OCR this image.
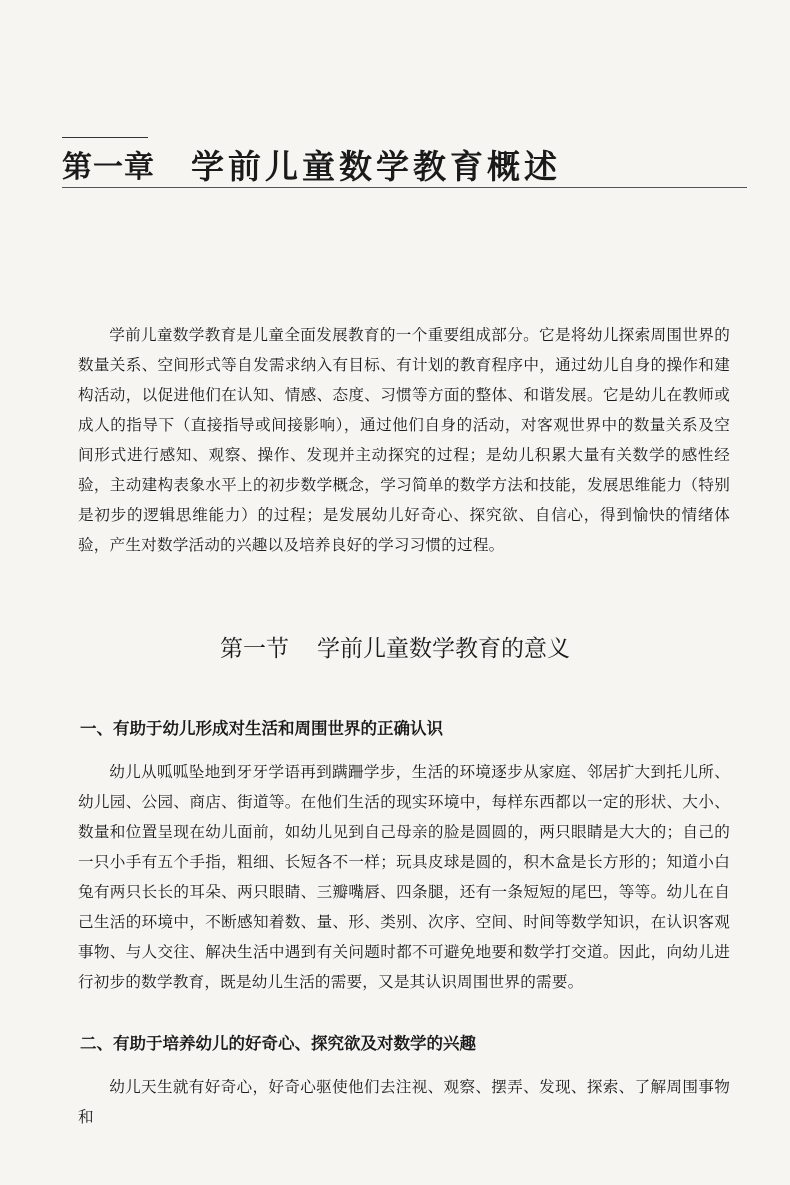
第一章 学前儿童数学教育概述

学前儿童数学教育是儿童全面发展教育的一个重要组成部分。它是将幼儿探索周围世界的数量关系、空间形式等自发需求纳入有目标、有计划的教育程序中，通过幼儿自身的操作和建构活动，以促进他们在认知、情感、态度、习惯等方面的整体、和谐发展。它是幼儿在教师或成人的指导下（直接指导或间接影响），通过他们自身的活动，对客观世界中的数量关系及空间形式进行感知、观察、操作、发现并主动探究的过程；是幼儿积累大量有关数学的感性经验，主动建构表象水平上的初步数学概念，学习简单的数学方法和技能，发展思维能力（特别是初步的逻辑思维能力）的过程；是发展幼儿好奇心、探究欲、自信心，得到愉快的情绪体验，产生对数学活动的兴趣以及培养良好的学习习惯的过程。

第一节 学前儿童数学教育的意义
一、有助于幼儿形成对生活和周围世界的正确认识

幼儿从呱呱坠地到牙牙学语再到蹒跚学步，生活的环境逐步从家庭、邻居扩大到托儿所、幼儿园、公园、商店、街道等。在他们生活的现实环境中，每样东西都以一定的形状、大小、数量和位置呈现在幼儿面前，如幼儿见到自己母亲的脸是圆圆的，两只眼睛是大大的；自己的一只小手有五个手指，粗细、长短各不一样；玩具皮球是圆的，积木盒是长方形的；知道小白兔有两只长长的耳朵、两只眼睛、三瓣嘴唇、四条腿，还有一条短短的尾巴，等等。幼儿在自己生活的环境中，不断感知着数、量、形、类别、次序、空间、时间等数学知识，在认识客观事物、与人交往、解决生活中遇到有关问题时都不可避免地要和数学打交道。因此，向幼儿进行初步的数学教育，既是幼儿生活的需要，又是其认识周围世界的需要。

二、有助于培养幼儿的好奇心、探究欲及对数学的兴趣

幼儿天生就有好奇心，好奇心驱使他们去注视、观察、摆弄、发现、探索、了解周围事物和
